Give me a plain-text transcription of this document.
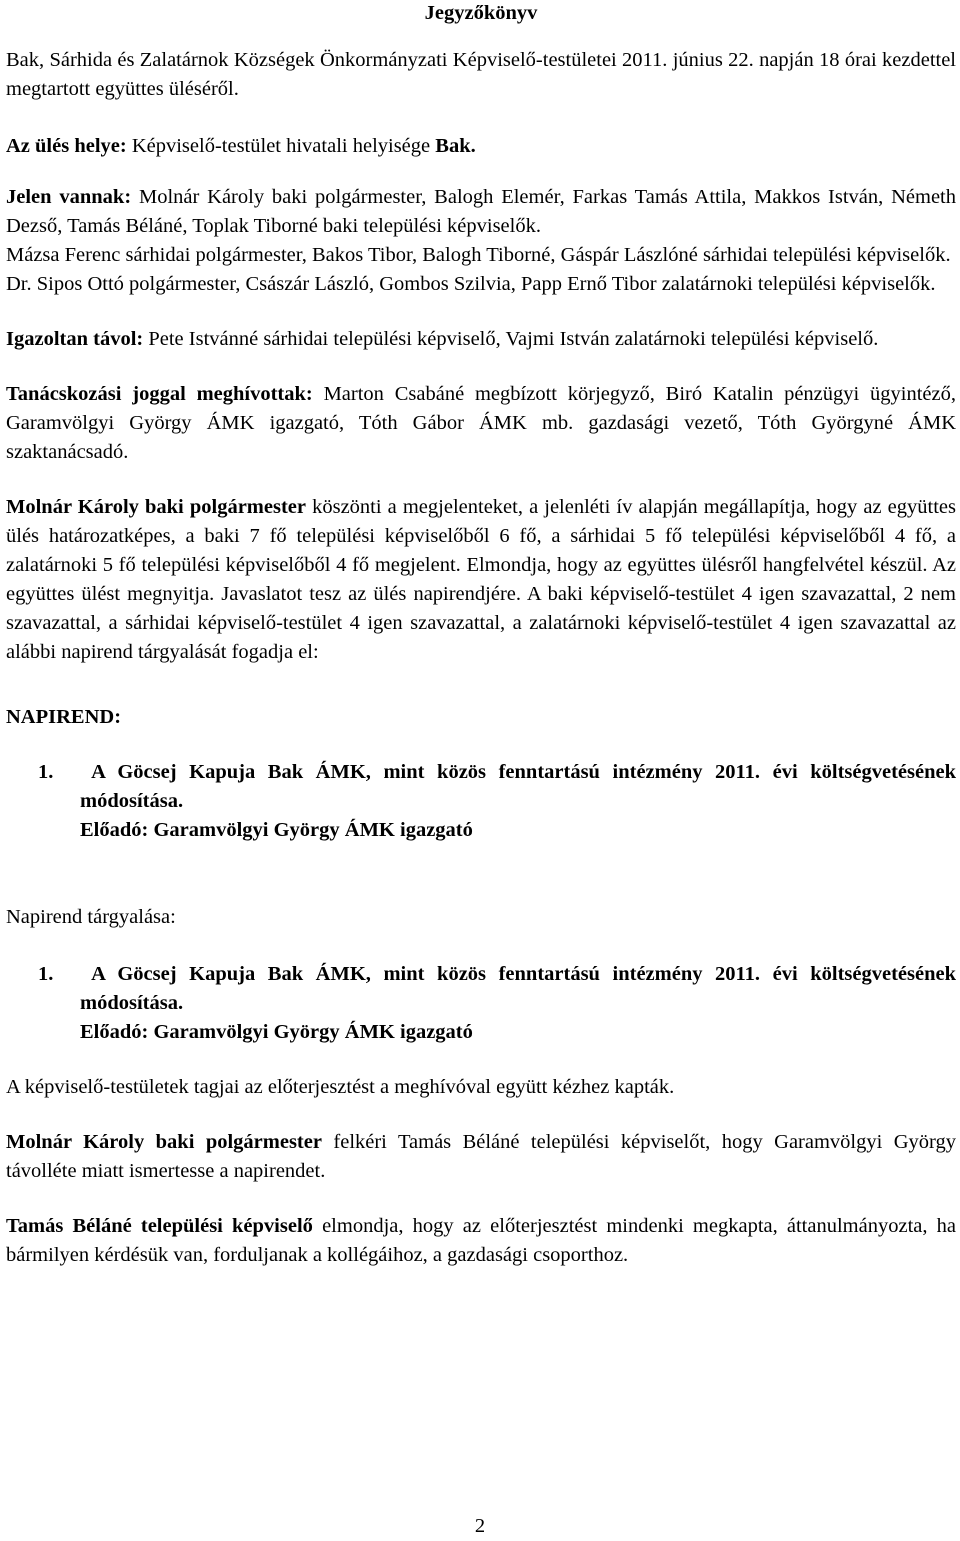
Jegyzőkönyv

Bak, Sárhida és Zalatárnok Községek Önkormányzati Képviselő-testületei 2011. június 22. napján 18 órai kezdettel megtartott együttes üléséről.

Az ülés helye: Képviselő-testület hivatali helyisége Bak.

Jelen vannak: Molnár Károly baki polgármester, Balogh Elemér, Farkas Tamás Attila, Makkos István, Németh Dezső, Tamás Béláné, Toplak Tiborné baki települési képviselők.

Mázsa Ferenc sárhidai polgármester, Bakos Tibor, Balogh Tiborné, Gáspár Lászlóné sárhidai települési képviselők.

Dr. Sipos Ottó polgármester, Császár László, Gombos Szilvia, Papp Ernő Tibor zalatárnoki települési képviselők.

Igazoltan távol: Pete Istvánné sárhidai települési képviselő, Vajmi István zalatárnoki települési képviselő.

Tanácskozási joggal meghívottak: Marton Csabáné megbízott körjegyző, Biró Katalin pénzügyi ügyintéző, Garamvölgyi György ÁMK igazgató, Tóth Gábor ÁMK mb. gazdasági vezető, Tóth Györgyné ÁMK szaktanácsadó.

Molnár Károly baki polgármester köszönti a megjelenteket, a jelenléti ív alapján megállapítja, hogy az együttes ülés határozatképes, a baki 7 fő települési képviselőből 6 fő, a sárhidai 5 fő települési képviselőből 4 fő, a zalatárnoki 5 fő települési képviselőből 4 fő megjelent. Elmondja, hogy az együttes ülésről hangfelvétel készül. Az együttes ülést megnyitja. Javaslatot tesz az ülés napirendjére. A baki képviselő-testület 4 igen szavazattal, 2 nem szavazattal, a sárhidai képviselő-testület 4 igen szavazattal, a zalatárnoki képviselő-testület 4 igen szavazattal az alábbi napirend tárgyalását fogadja el:

NAPIREND:

1. A Göcsej Kapuja Bak ÁMK, mint közös fenntartású intézmény 2011. évi költségvetésének módosítása.

Előadó: Garamvölgyi György ÁMK igazgató

Napirend tárgyalása:

1. A Göcsej Kapuja Bak ÁMK, mint közös fenntartású intézmény 2011. évi költségvetésének módosítása.

Előadó: Garamvölgyi György ÁMK igazgató

A képviselő-testületek tagjai az előterjesztést a meghívóval együtt kézhez kapták.

Molnár Károly baki polgármester felkéri Tamás Béláné települési képviselőt, hogy Garamvölgyi György távolléte miatt ismertesse a napirendet.

Tamás Béláné települési képviselő elmondja, hogy az előterjesztést mindenki megkapta, áttanulmányozta, ha bármilyen kérdésük van, forduljanak a kollégáihoz, a gazdasági csoporthoz.

2
